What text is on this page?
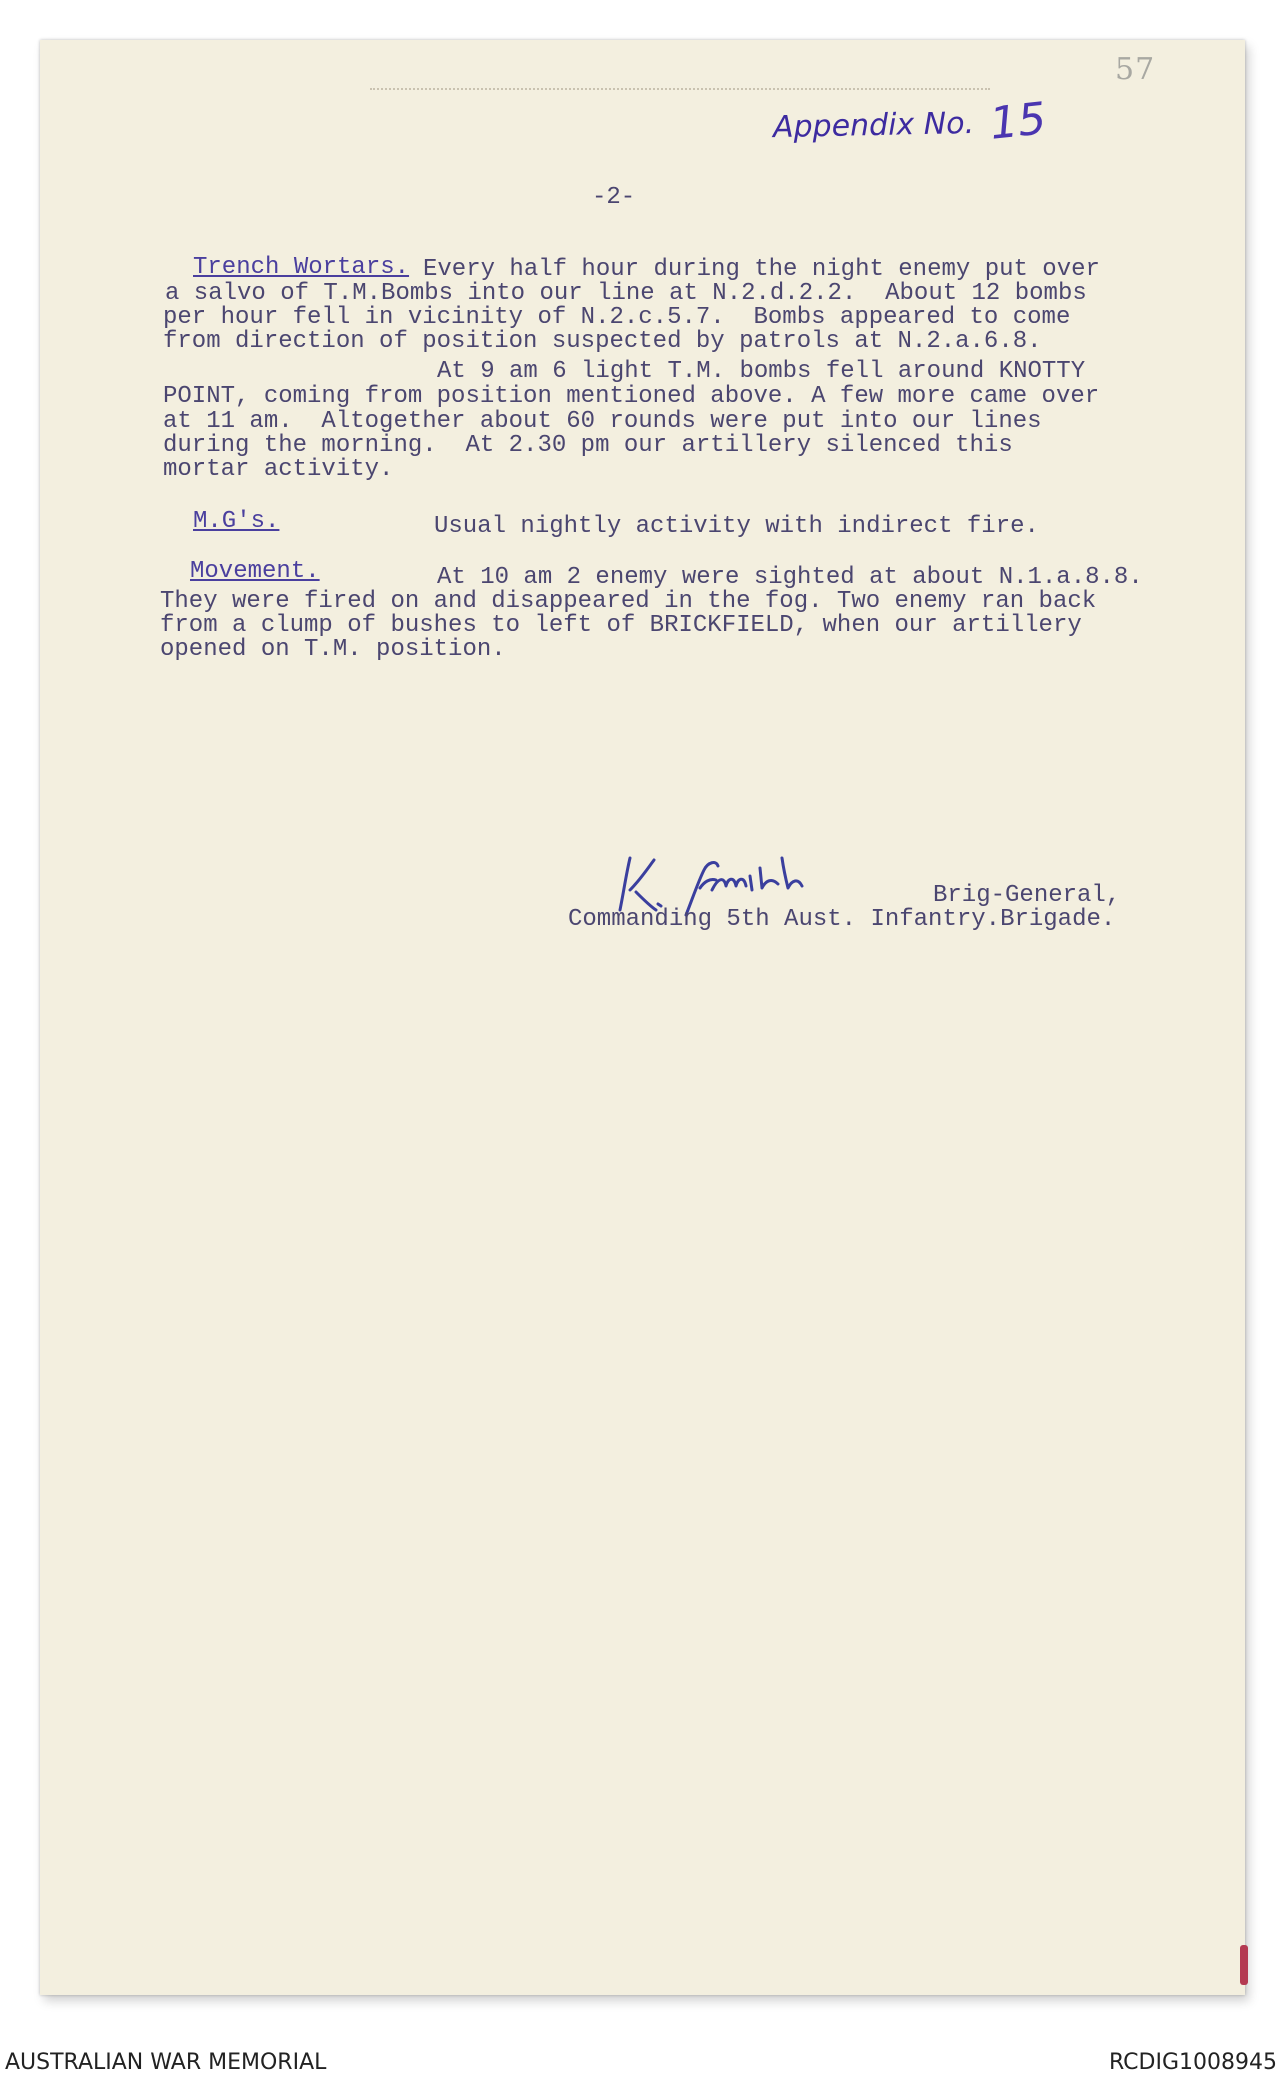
57
Appendix No. 15

-2-

Trench Wortars. Every half hour during the night enemy put over

a salvo of T.M.Bombs into our line at N.2.d.2.2.  About 12 bombs

per hour fell in vicinity of N.2.c.5.7.  Bombs appeared to come

from direction of position suspected by patrols at N.2.a.6.8.

At 9 am 6 light T.M. bombs fell around KNOTTY

POINT, coming from position mentioned above. A few more came over

at 11 am.  Altogether about 60 rounds were put into our lines

during the morning.  At 2.30 pm our artillery silenced this

mortar activity.

M.G's.	Usual nightly activity with indirect fire.

Movement.	At 10 am 2 enemy were sighted at about N.1.a.8.8.

They were fired on and disappeared in the fog. Two enemy ran back

from a clump of bushes to left of BRICKFIELD, when our artillery

opened on T.M. position.

Brig-General,

Commanding 5th Aust. Infantry.Brigade.

AUSTRALIAN WAR MEMORIAL	RCDIG1008945
